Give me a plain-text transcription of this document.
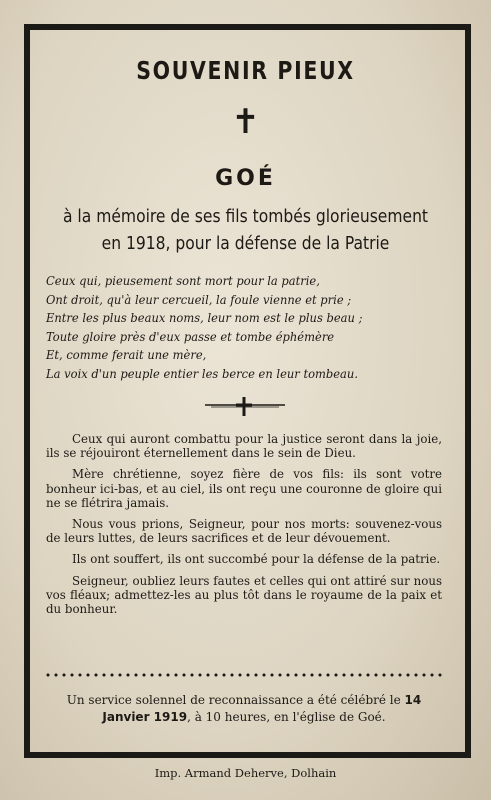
SOUVENIR PIEUX
✝
GOÉ
à la mémoire de ses fils tombés glorieusement
en 1918, pour la défense de la Patrie
Ceux qui, pieusement sont mort pour la patrie,
Ont droit, qu'à leur cercueil, la foule vienne et prie ;
Entre les plus beaux noms, leur nom est le plus beau ;
Toute gloire près d'eux passe et tombe éphémère
Et, comme ferait une mère,
La voix d'un peuple entier les berce en leur tombeau.

Ceux qui auront combattu pour la justice seront dans la joie, ils se réjouiront éternellement dans le sein de Dieu.

Mère chrétienne, soyez fière de vos fils: ils sont votre bonheur ici-bas, et au ciel, ils ont reçu une couronne de gloire qui ne se flétrira jamais.

Nous vous prions, Seigneur, pour nos morts: souvenez-vous de leurs luttes, de leurs sacrifices et de leur dévouement.

Ils ont souffert, ils ont succombé pour la défense de la patrie.

Seigneur, oubliez leurs fautes et celles qui ont attiré sur nous vos fléaux; admettez-les au plus tôt dans le royaume de la paix et du bonheur.

Un service solennel de reconnaissance a été célébré le 14 Janvier 1919, à 10 heures, en l'église de Goé.
Imp. Armand Deherve, Dolhain
